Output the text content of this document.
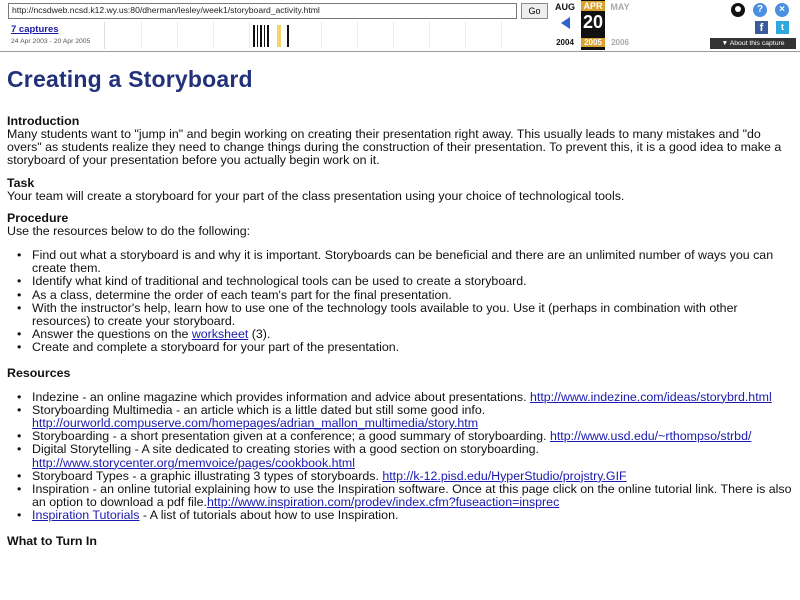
http://ncsdweb.ncsd.k12.wy.us:80/dherman/lesley/week1/storyboard_activity.html	Go
7 captures
24 Apr 2003 - 20 Apr 2005
AUG
2004
APR
20
2005
MAY
2006
?	×
f	t
▼ About this capture
Creating a Storyboard
Introduction

Many students want to "jump in" and begin working on creating their presentation right away. This usually leads to many mistakes and "do overs" as students realize they need to change things during the construction of their presentation. To prevent this, it is a good idea to make a storyboard of your presentation before you actually begin work on it.

Task

Your team will create a storyboard for your part of the class presentation using your choice of technological tools.

Procedure

Use the resources below to do the following:

• Find out what a storyboard is and why it is important. Storyboards can be beneficial and there are an unlimited number of ways you can create them.
• Identify what kind of traditional and technological tools can be used to create a storyboard.
• As a class, determine the order of each team's part for the final presentation.
• With the instructor's help, learn how to use one of the technology tools available to you. Use it (perhaps in combination with other resources) to create your storyboard.
• Answer the questions on the worksheet (3).
• Create and complete a storyboard for your part of the presentation.
Resources
• Indezine - an online magazine which provides information and advice about presentations. http://www.indezine.com/ideas/storybrd.html
• Storyboarding Multimedia - an article which is a little dated but still some good info. http://ourworld.compuserve.com/homepages/adrian_mallon_multimedia/story.htm
• Storyboarding - a short presentation given at a conference; a good summary of storyboarding. http://www.usd.edu/~rthompso/strbd/
• Digital Storytelling - A site dedicated to creating stories with a good section on storyboarding. http://www.storycenter.org/memvoice/pages/cookbook.html
• Storyboard Types - a graphic illustrating 3 types of storyboards. http://k-12.pisd.edu/HyperStudio/projstry.GIF
• Inspiration - an online tutorial explaining how to use the Inspiration software. Once at this page click on the online tutorial link. There is also an option to download a pdf file.http://www.inspiration.com/prodev/index.cfm?fuseaction=insprec
• Inspiration Tutorials - A list of tutorials about how to use Inspiration.
What to Turn In
